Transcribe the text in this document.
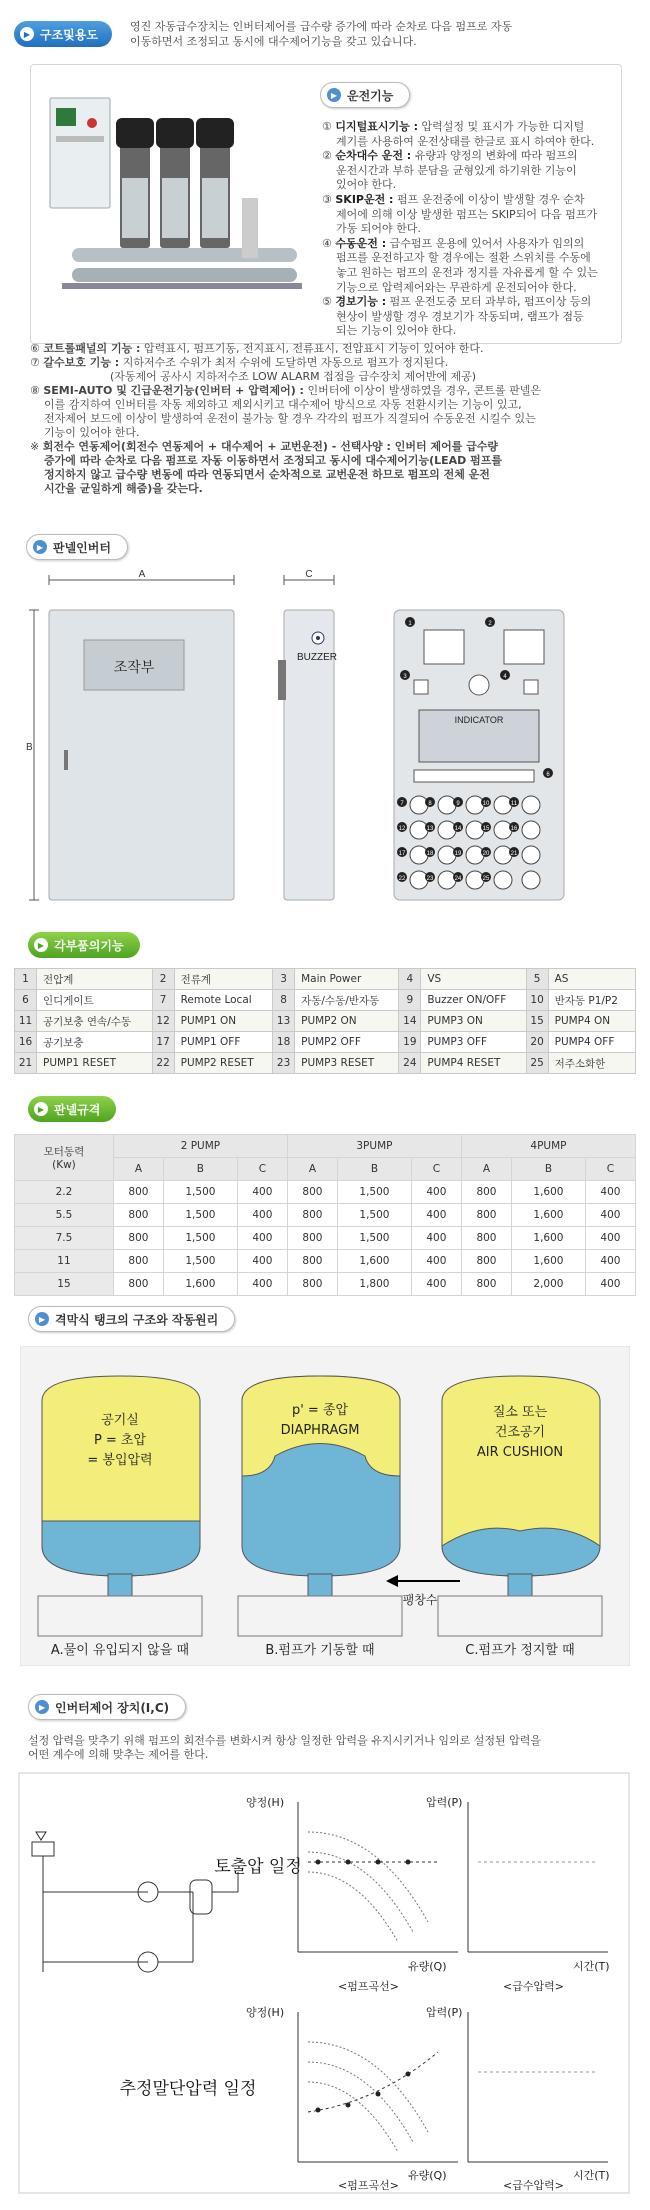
▶ 구조및용도
영진 자동급수장치는 인버터제어를 급수량 증가에 따라 순차로 다음 펌프로 자동
이동하면서 조정되고 동시에 대수제어기능을 갖고 있습니다.
▶ 운전기능

① 디지털표시기능 : 압력설정 및 표시가 가능한 디지털

계기를 사용하여 운전상태를 한글로 표시 하여야 한다.

② 순차대수 운전 : 유량과 양정의 변화에 따라 펌프의

운전시간과 부하 분담을 균형있게 하기위한 기능이

있어야 한다.

③ SKIP운전 : 펌프 운전중에 이상이 발생할 경우 순차

제어에 의해 이상 발생한 펌프는 SKIP되어 다음 펌프가

가동 되어야 한다.

④ 수동운전 : 급수펌프 운용에 있어서 사용자가 임의의

펌프를 운전하고자 할 경우에는 절환 스위치를 수동에

놓고 원하는 펌프의 운전과 정지를 자유롭게 할 수 있는

기능으로 압력제어와는 무관하게 운전되어야 한다.

⑤ 경보기능 : 펌프 운전도중 모터 과부하, 펌프이상 등의

현상이 발생할 경우 경보기가 작동되며, 램프가 점등

되는 기능이 있어야 한다.

⑥ 코트롤패널의 기능 : 압력표시, 펌프기동, 전지표시, 전류표시, 전압표시 기능이 있어야 한다.

⑦ 갈수보호 기능 : 지하저수조 수위가 최저 수위에 도달하면 자동으로 펌프가 정지된다.

(자동제어 공사시 지하저수조 LOW ALARM 접점을 급수장치 제어반에 제공)

⑧ SEMI-AUTO 및 긴급운전기능(인버터 + 압력제어) : 인버터에 이상이 발생하였을 경우, 콘트롤 판넬은

이를 감지하여 인버터를 자동 제외하고 제외시키고 대수제어 방식으로 자동 전환시키는 기능이 있고,

전자제어 보드에 이상이 발생하여 운전이 불가능 할 경우 각각의 펌프가 직결되어 수동운전 시킬수 있는

기능이 있어야 한다.

※ 회전수 연동제어(회전수 연동제어 + 대수제어 + 교번운전) - 선택사양 : 인버터 제어를 급수량

증가에 따라 순차로 다음 펌프로 자동 이동하면서 조정되고 동시에 대수제어기능(LEAD 펌프를

정지하지 않고 급수량 변동에 따라 연동되면서 순차적으로 교번운전 하므로 펌프의 전체 운전

시간을 균일하게 해줌)을 갖는다.

▶ 판넬인버터
A
B
조작부
C
BUZZER
INDICATOR
1	2
3	4
6
7	8	9	10	11
12	13	14	15	16
17	18	19	20	21
22	23	24	25
▶ 각부품의기능
1	전압계	2	전류계	3	Main Power	4	VS	5	AS
6	인디게이트	7	Remote Local	8	자동/수동/반자동	9	Buzzer ON/OFF	10	반자동 P1/P2
11	공기보충 연속/수동	12	PUMP1 ON	13	PUMP2 ON	14	PUMP3 ON	15	PUMP4 ON
16	공기보충	17	PUMP1 OFF	18	PUMP2 OFF	19	PUMP3 OFF	20	PUMP4 OFF
21	PUMP1 RESET	22	PUMP2 RESET	23	PUMP3 RESET	24	PUMP4 RESET	25	저주소화한
▶ 판넬규격
모터동력
(Kw)	2 PUMP			3PUMP			4PUMP		
	A	B	C	A	B	C	A	B	C
2.2	800	1,500	400	800	1,500	400	800	1,600	400
5.5	800	1,500	400	800	1,500	400	800	1,600	400
7.5	800	1,500	400	800	1,500	400	800	1,600	400
11	800	1,500	400	800	1,600	400	800	1,600	400
15	800	1,600	400	800	1,800	400	800	2,000	400
▶ 격막식 탱크의 구조와 작동원리
공기실
P = 초압
= 봉입압력
p' = 종압
DIAPHRAGM
질소 또는
건조공기
AIR CUSHION
팽창수
A.물이 유입되지 않을 때	B.펌프가 기동할 때	C.펌프가 정지할 때
▶ 인버터제어 장치(I,C)
설정 압력을 맞추기 위해 펌프의 회전수를 변화시켜 항상 일정한 압력을 유지시키거나 임의로 설정된 압력을
어떤 계수에 의해 맞추는 제어를 한다.
토출압 일정
추정말단압력 일정
양정(H)	압력(P)
유량(Q)	시간(T)
<펌프곡선>	<급수압력>
양정(H)	압력(P)
유량(Q)	시간(T)
<펌프곡선>	<급수압력>
